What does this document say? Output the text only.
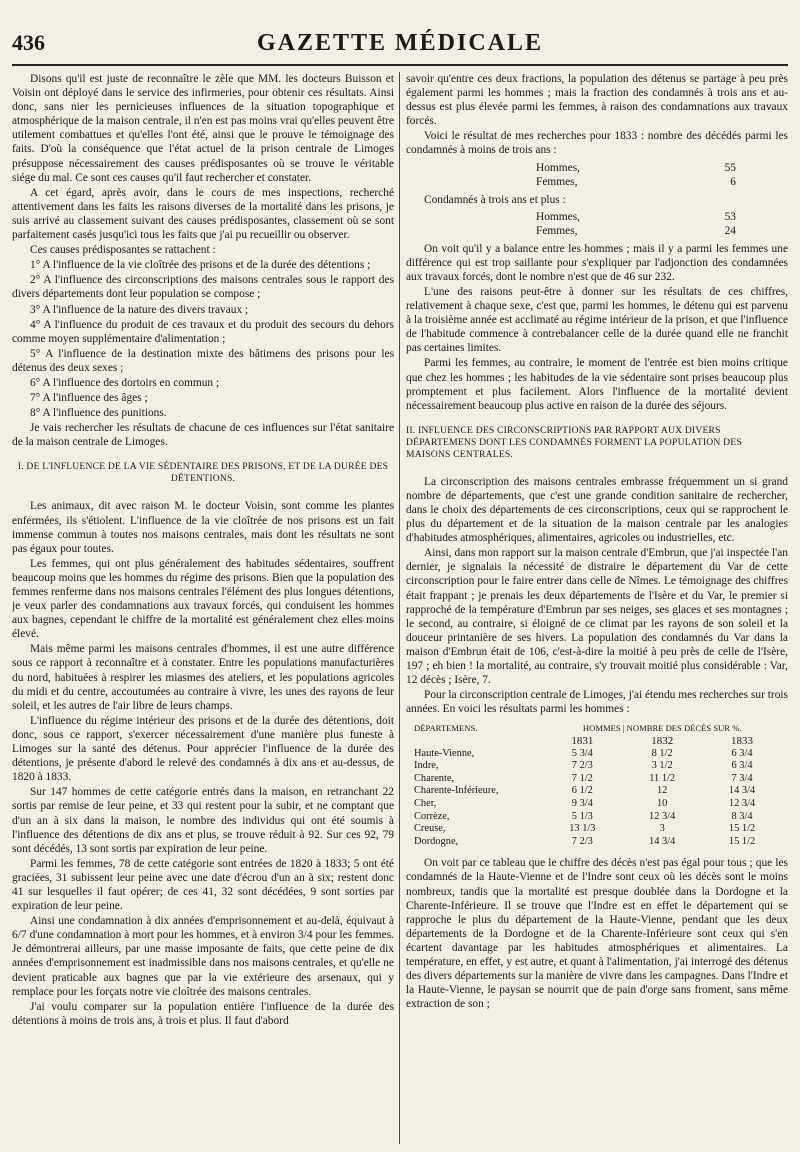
436	GAZETTE MÉDICALE

Disons qu'il est juste de reconnaître le zèle que MM. les docteurs Buisson et Voisin ont déployé dans le service des infirmeries, pour obtenir ces résultats. Ainsi donc, sans nier les pernicieuses influences de la situation topographique et atmosphérique de la maison centrale, il n'en est pas moins vrai qu'elles peuvent être utilement combattues et qu'elles l'ont été, ainsi que le prouve le témoignage des faits. D'où la conséquence que l'état actuel de la prison centrale de Limoges présuppose nécessairement des causes prédisposantes où se trouve le véritable siége du mal. Ce sont ces causes qu'il faut rechercher et constater.

A cet égard, après avoir, dans le cours de mes inspections, recherché attentivement dans les faits les raisons diverses de la mortalité dans les prisons, je suis arrivé au classement suivant des causes prédisposantes, classement où se sont parfaitement casés jusqu'ici tous les faits que j'ai pu recueillir ou observer.

Ces causes prédisposantes se rattachent :

1° A l'influence de la vie cloîtrée des prisons et de la durée des détentions ;

2° A l'influence des circonscriptions des maisons centrales sous le rapport des divers départements dont leur population se compose ;

3° A l'influence de la nature des divers travaux ;

4° A l'influence du produit de ces travaux et du produit des secours du dehors comme moyen supplémentaire d'alimentation ;

5° A l'influence de la destination mixte des bâtimens des prisons pour les détenus des deux sexes ;

6° A l'influence des dortoirs en commun ;

7° A l'influence des âges ;

8° A l'influence des punitions.

Je vais rechercher les résultats de chacune de ces influences sur l'état sanitaire de la maison centrale de Limoges.

I. DE L'INFLUENCE DE LA VIE SÉDENTAIRE DES PRISONS, ET DE LA DURÉE DES DÉTENTIONS.

Les animaux, dit avec raison M. le docteur Voisin, sont comme les plantes enfermées, ils s'étiolent. L'influence de la vie cloîtrée de nos prisons est un fait immense commun à toutes nos maisons centrales, mais dont les résultats ne sont pas égaux pour toutes.

Les femmes, qui ont plus généralement des habitudes sédentaires, souffrent beaucoup moins que les hommes du régime des prisons. Bien que la population des femmes renferme dans nos maisons centrales l'élément des plus longues détentions, je veux parler des condamnations aux travaux forcés, qui conduisent les hommes aux bagnes, cependant le chiffre de la mortalité est généralement chez elles moins élevé.

Mais même parmi les maisons centrales d'hommes, il est une autre différence sous ce rapport à reconnaître et à constater. Entre les populations manufacturières du nord, habituées à respirer les miasmes des ateliers, et les populations agricoles du midi et du centre, accoutumées au contraire à vivre, les unes des rayons de leur soleil, et les autres de l'air libre de leurs champs.

L'influence du régime intérieur des prisons et de la durée des détentions, doit donc, sous ce rapport, s'exercer nécessairement d'une manière plus funeste à Limoges sur la santé des détenus. Pour apprécier l'influence de la durée des détentions, je présente d'abord le relevé des condamnés à dix ans et au-dessus, de 1820 à 1833.

Sur 147 hommes de cette catégorie entrés dans la maison, en retranchant 22 sortis par remise de leur peine, et 33 qui restent pour la subir, et ne comptant que d'un an à six dans la maison, le nombre des individus qui ont été soumis à l'influence des détentions de dix ans et plus, se trouve réduit à 92. Sur ces 92, 79 sont décédés, 13 sont sortis par expiration de leur peine.

Parmi les femmes, 78 de cette catégorie sont entrées de 1820 à 1833; 5 ont été graciées, 31 subissent leur peine avec une date d'écrou d'un an à six; restent donc 41 sur lesquelles il faut opérer; de ces 41, 32 sont décédées, 9 sont sorties par expiration de leur peine.

Ainsi une condamnation à dix années d'emprisonnement et au-delà, équivaut à 6/7 d'une condamnation à mort pour les hommes, et à environ 3/4 pour les femmes. Je démontrerai ailleurs, par une masse imposante de faits, que cette peine de dix années d'emprisonnement est inadmissible dans nos maisons centrales, et qu'elle ne devient praticable aux bagnes que par la vie extérieure des arsenaux, qui y remplace pour les forçats notre vie cloîtrée des maisons centrales.

J'ai voulu comparer sur la population entière l'influence de la durée des détentions à moins de trois ans, à trois et plus. Il faut d'abord

savoir qu'entre ces deux fractions, la population des détenus se partage à peu près également parmi les hommes ; mais la fraction des condamnés à trois ans et au-dessus est plus élevée parmi les femmes, à raison des condamnations aux travaux forcés.

Voici le résultat de mes recherches pour 1833 : nombre des décédés parmi les condamnés à moins de trois ans :

Hommes,	55
Femmes,	6

Condamnés à trois ans et plus :

Hommes,	53
Femmes,	24

On voit qu'il y a balance entre les hommes ; mais il y a parmi les femmes une différence qui est trop saillante pour s'expliquer par l'adjonction des condamnées aux travaux forcés, dont le nombre n'est que de 46 sur 232.

L'une des raisons peut-être à donner sur les résultats de ces chiffres, relativement à chaque sexe, c'est que, parmi les hommes, le détenu qui est parvenu à la troisième année est acclimaté au régime intérieur de la prison, et que l'influence de l'habitude commence à contrebalancer celle de la durée quand elle ne franchit pas certaines limites.

Parmi les femmes, au contraire, le moment de l'entrée est bien moins critique que chez les hommes ; les habitudes de la vie sédentaire sont prises beaucoup plus promptement et plus facilement. Alors l'influence de la mortalité devient nécessairement beaucoup plus active en raison de la durée des séjours.

II. INFLUENCE DES CIRCONSCRIPTIONS PAR RAPPORT AUX DIVERS DÉPARTEMENS DONT LES CONDAMNÉS FORMENT LA POPULATION DES MAISONS CENTRALES.

La circonscription des maisons centrales embrasse fréquemment un si grand nombre de départements, que c'est une grande condition sanitaire de rechercher, dans le choix des départements de ces circonscriptions, ceux qui se rapprochent le plus du département et de la situation de la maison centrale par les analogies d'habitudes atmosphériques, alimentaires, agricoles ou industrielles, etc.

Ainsi, dans mon rapport sur la maison centrale d'Embrun, que j'ai inspectée l'an dernier, je signalais la nécessité de distraire le département du Var de cette circonscription pour le faire entrer dans celle de Nîmes. Le témoignage des chiffres était frappant ; je prenais les deux départements de l'Isère et du Var, le premier si rapproché de la température d'Embrun par ses neiges, ses glaces et ses montagnes ; le second, au contraire, si éloigné de ce climat par les rayons de son soleil et la douceur printanière de ses hivers. La population des condamnés du Var dans la maison d'Embrun était de 106, c'est-à-dire la moitié à peu près de celle de l'Isère, 197 ; eh bien ! la mortalité, au contraire, s'y trouvait moitié plus considérable : Var, 12 décès ; Isère, 7.

Pour la circonscription centrale de Limoges, j'ai étendu mes recherches sur trois années. En voici les résultats parmi les hommes :

DÉPARTEMENS.	HOMMES | NOMBRE DES DÉCÈS SUR %.		
	1831	1832	1833
Haute-Vienne,	5 3/4	8 1/2	6 3/4
Indre,	7 2/3	3 1/2	6 3/4
Charente,	7 1/2	11 1/2	7 3/4
Charente-Inférieure,	6 1/2	12	14 3/4
Cher,	9 3/4	10	12 3/4
Corrèze,	5 1/3	12 3/4	8 3/4
Creuse,	13 1/3	3	15 1/2
Dordogne,	7 2/3	14 3/4	15 1/2

On voit par ce tableau que le chiffre des décès n'est pas égal pour tous ; que les condamnés de la Haute-Vienne et de l'Indre sont ceux où les décès sont le moins nombreux, tandis que la mortalité est presque doublée dans la Dordogne et la Charente-Inférieure. Il se trouve que l'Indre est en effet le département qui se rapproche le plus du département de la Haute-Vienne, pendant que les deux départements de la Dordogne et de la Charente-Inférieure sont ceux qui s'en écartent davantage par les habitudes atmosphériques et alimentaires. La température, en effet, y est autre, et quant à l'alimentation, j'ai interrogé des détenus des divers départements sur la manière de vivre dans les campagnes. Dans l'Indre et la Haute-Vienne, le paysan se nourrit que de pain d'orge sans froment, sans même extraction de son ;
